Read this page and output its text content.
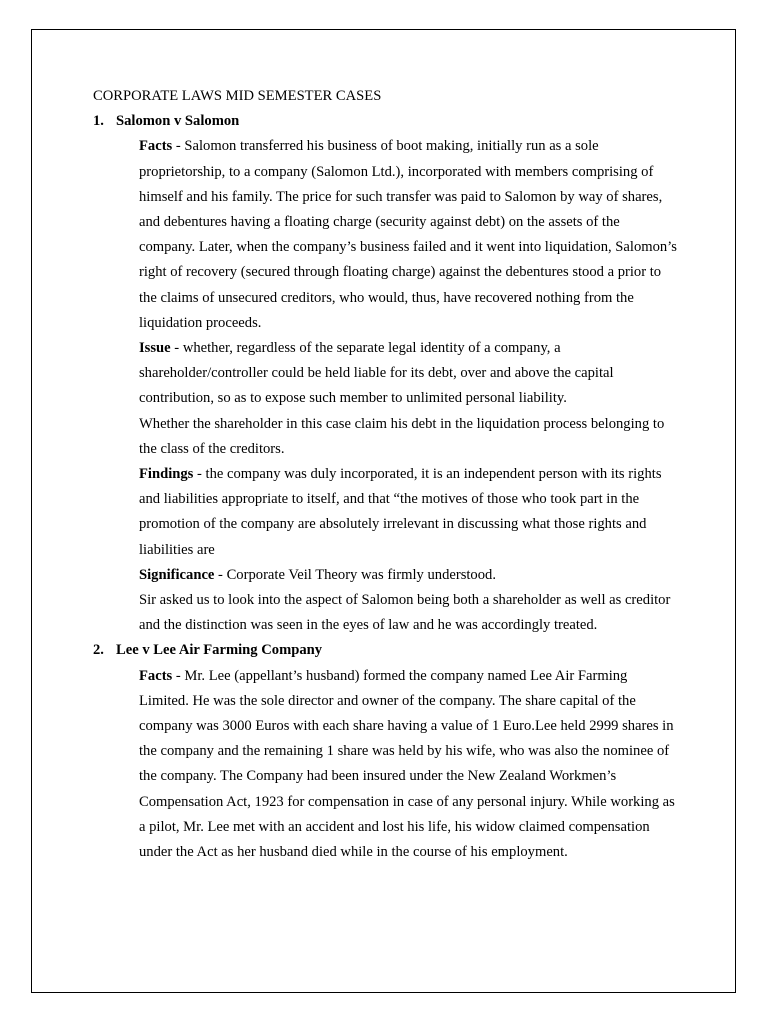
CORPORATE LAWS MID SEMESTER CASES
1. Salomon v Salomon
Facts - Salomon transferred his business of boot making, initially run as a sole proprietorship, to a company (Salomon Ltd.), incorporated with members comprising of himself and his family. The price for such transfer was paid to Salomon by way of shares, and debentures having a floating charge (security against debt) on the assets of the company. Later, when the company’s business failed and it went into liquidation, Salomon’s right of recovery (secured through floating charge) against the debentures stood a prior to the claims of unsecured creditors, who would, thus, have recovered nothing from the liquidation proceeds.
Issue - whether, regardless of the separate legal identity of a company, a shareholder/controller could be held liable for its debt, over and above the capital contribution, so as to expose such member to unlimited personal liability.
Whether the shareholder in this case claim his debt in the liquidation process belonging to the class of the creditors.
Findings - the company was duly incorporated, it is an independent person with its rights and liabilities appropriate to itself, and that “the motives of those who took part in the promotion of the company are absolutely irrelevant in discussing what those rights and liabilities are
Significance - Corporate Veil Theory was firmly understood.
Sir asked us to look into the aspect of Salomon being both a shareholder as well as creditor and the distinction was seen in the eyes of law and he was accordingly treated.
2. Lee v Lee Air Farming Company
Facts - Mr. Lee (appellant’s husband) formed the company named Lee Air Farming Limited. He was the sole director and owner of the company. The share capital of the company was 3000 Euros with each share having a value of 1 Euro.Lee held 2999 shares in the company and the remaining 1 share was held by his wife, who was also the nominee of the company. The Company had been insured under the New Zealand Workmen’s Compensation Act, 1923 for compensation in case of any personal injury. While working as a pilot, Mr. Lee met with an accident and lost his life, his widow claimed compensation under the Act as her husband died while in the course of his employment.
